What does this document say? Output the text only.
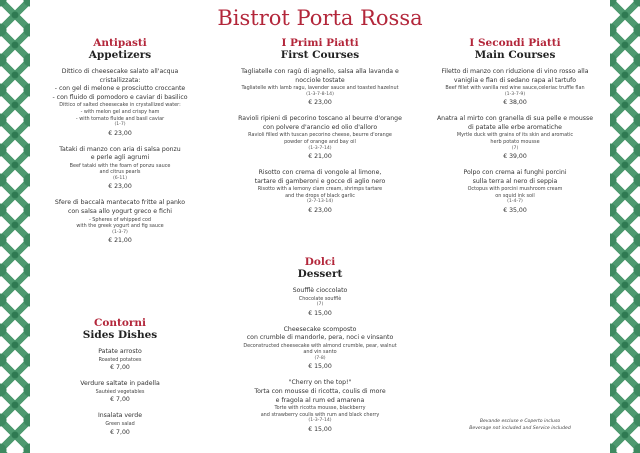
Bistrot Porta Rossa
Antipasti
Appetizers
Dittico di cheesecake salato all'acqua
cristallizzata:
- con gel di melone e prosciutto croccante
- con fluido di pomodoro e caviar di basilico
Dittico of salted cheesecake in crystallized water:
- with melon gel and crispy ham
- with tomato fluide and basil caviar
(1-7)
€ 23,00
Tataki di manzo con aria di salsa ponzu
e perle agli agrumi
Beef tataki with the foam of ponzu sauce
and citrus pearls
(6-11)
€ 23,00
Sfere di baccalà mantecato fritte al panko
con salsa allo yogurt greco e fichi
- Spheres of whipped cod
with the greek yogurt and fig sauce
(1-3-7)
€ 21,00
I Primi Piatti
First Courses
Tagliatelle con ragù di agnello, salsa alla lavanda e
nocciole tostate
Tagliatelle with lamb ragu, lavender sauce and toasted hazelnut
(1-3-7-8-14)
€ 23,00
Ravioli ripieni di pecorino toscano al beurre d'orange
con polvere d'arancio ed olio d'alloro
Ravioli filled with tuscan pecorino cheese, beurre d'orange
powder of orange and bay oil
(1-3-7-14)
€ 21,00
Risotto con crema di vongole al limone,
tartare di gamberoni e gocce di aglio nero
Risotto with a lemony clam cream, shrimps tartare
and the drops of black garlic
(2-7-13-14)
€ 23,00
I Secondi Piatti
Main Courses
Filetto di manzo con riduzione di vino rosso alla
vaniglia e flan di sedano rapa al tartufo
Beef fillet with vanilla red wine sauce,celeriac truffle flan
(1-3-7-9)
€ 38,00
Anatra al mirto con granella di sua pelle e mousse
di patate alle erbe aromatiche
Myrtle duck with grains of its skin and aromatic
herb potato mousse
(7)
€ 39,00
Polpo con crema ai funghi porcini
sulla terra al nero di seppia
Octopus with porcini mushroom cream
on squid ink soil
(1-4-7)
€ 35,00
Dolci
Dessert
Soufflè cioccolato
Chocolate soufflè
(7)
€ 15,00
Cheesecake scomposto
con crumble di mandorle, pera, noci e vinsanto
Deconstructed cheesecake with almond crumble, pear, walnut
and vin santo
(7-8)
€ 15,00
"Cherry on the top!"
Torta con mousse di ricotta, coulis di more
e fragola al rum ed amarena
Torte with ricotta mousse, blackberry
and strawberry coulis with rum and black cherry
(1-3-7-14)
€ 15,00
Contorni
Sides Dishes
Patate arrosto
Roasted potatoes
€ 7,00
Verdure saltate in padella
Sautéed vegetables
€ 7,00
Insalata verde
Green salad
€ 7,00
Bevande escluse e Coperto incluso
Beverage not included and Service included
